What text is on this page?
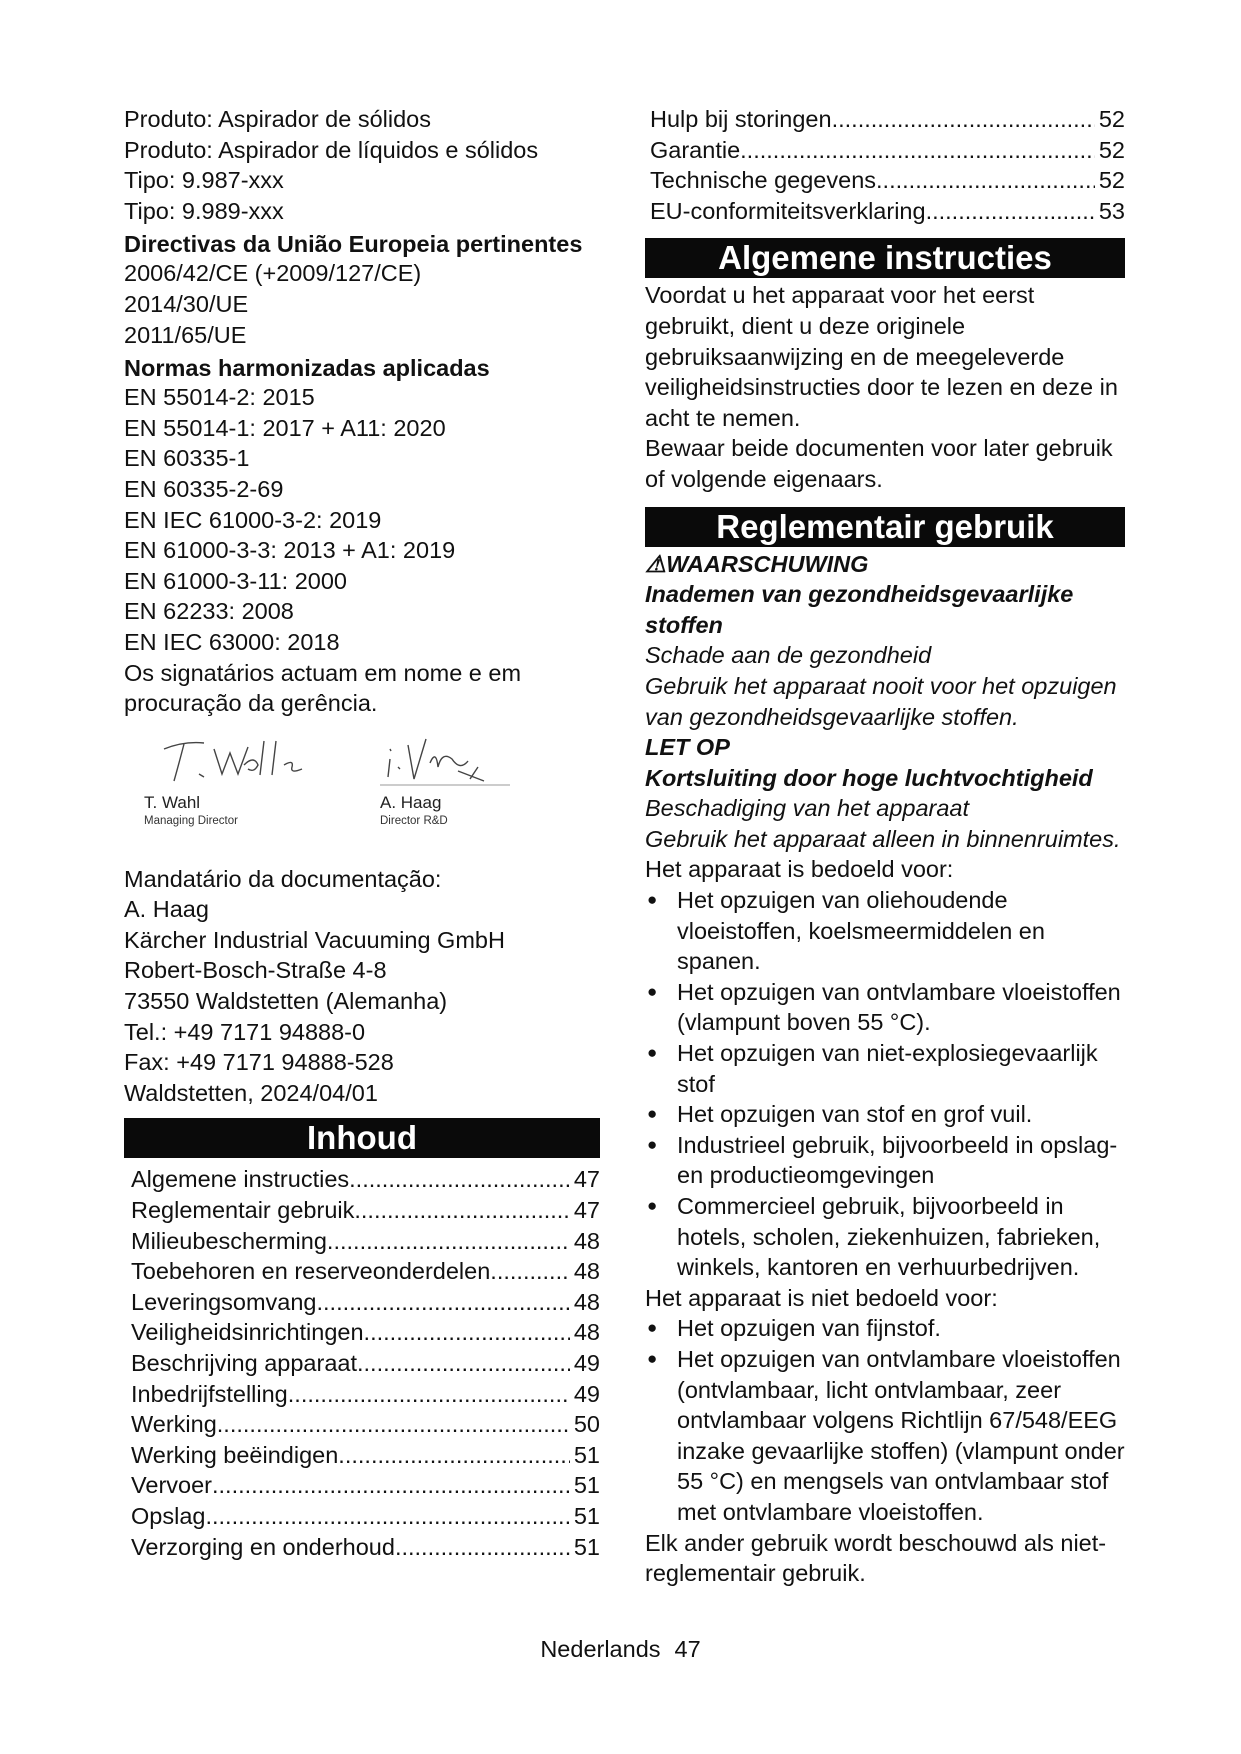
Produto: Aspirador de sólidos
Produto: Aspirador de líquidos e sólidos
Tipo: 9.987-xxx
Tipo: 9.989-xxx
Directivas da União Europeia pertinentes
2006/42/CE (+2009/127/CE)
2014/30/UE
2011/65/UE
Normas harmonizadas aplicadas
EN 55014-2: 2015
EN 55014-1: 2017 + A11: 2020
EN 60335-1
EN 60335-2-69
EN IEC 61000-3-2: 2019
EN 61000-3-3: 2013 + A1: 2019
EN 61000-3-11: 2000
EN 62233: 2008
EN IEC 63000: 2018
Os signatários actuam em nome e em procuração da gerência.
T. Wahl
Managing Director
A. Haag
Director R&D
Mandatário da documentação:
A. Haag
Kärcher Industrial Vacuuming GmbH
Robert-Bosch-Straße 4-8
73550 Waldstetten (Alemanha)
Tel.: +49 7171 94888-0
Fax: +49 7171 94888-528
Waldstetten, 2024/04/01
Inhoud
Algemene instructies .....	47
Reglementair gebruik .....	47
Milieubescherming .....	48
Toebehoren en reserveonderdelen .....	48
Leveringsomvang .....	48
Veiligheidsinrichtingen .....	48
Beschrijving apparaat .....	49
Inbedrijfstelling .....	49
Werking .....	50
Werking beëindigen .....	51
Vervoer .....	51
Opslag .....	51
Verzorging en onderhoud .....	51
Hulp bij storingen .....	52
Garantie .....	52
Technische gegevens .....	52
EU-conformiteitsverklaring .....	53
Algemene instructies
Voordat u het apparaat voor het eerst gebruikt, dient u deze originele gebruiksaanwijzing en de meegeleverde veiligheidsinstructies door te lezen en deze in acht te nemen.
Bewaar beide documenten voor later gebruik of volgende eigenaars.
Reglementair gebruik
⚠WAARSCHUWING
Inademen van gezondheidsgevaarlijke stoffen
Schade aan de gezondheid
Gebruik het apparaat nooit voor het opzuigen van gezondheidsgevaarlijke stoffen.
LET OP
Kortsluiting door hoge luchtvochtigheid
Beschadiging van het apparaat
Gebruik het apparaat alleen in binnenruimtes.
Het apparaat is bedoeld voor:
● Het opzuigen van oliehoudende vloeistoffen, koelsmeermiddelen en spanen.
● Het opzuigen van ontvlambare vloeistoffen (vlampunt boven 55 °C).
● Het opzuigen van niet-explosiegevaarlijk stof
● Het opzuigen van stof en grof vuil.
● Industrieel gebruik, bijvoorbeeld in opslag- en productieomgevingen
● Commercieel gebruik, bijvoorbeeld in hotels, scholen, ziekenhuizen, fabrieken, winkels, kantoren en verhuurbedrijven.
Het apparaat is niet bedoeld voor:
● Het opzuigen van fijnstof.
● Het opzuigen van ontvlambare vloeistoffen (ontvlambaar, licht ontvlambaar, zeer ontvlambaar volgens Richtlijn 67/548/EEG inzake gevaarlijke stoffen) (vlampunt onder 55 °C) en mengsels van ontvlambaar stof met ontvlambare vloeistoffen.
Elk ander gebruik wordt beschouwd als niet-reglementair gebruik.
Nederlands 47
